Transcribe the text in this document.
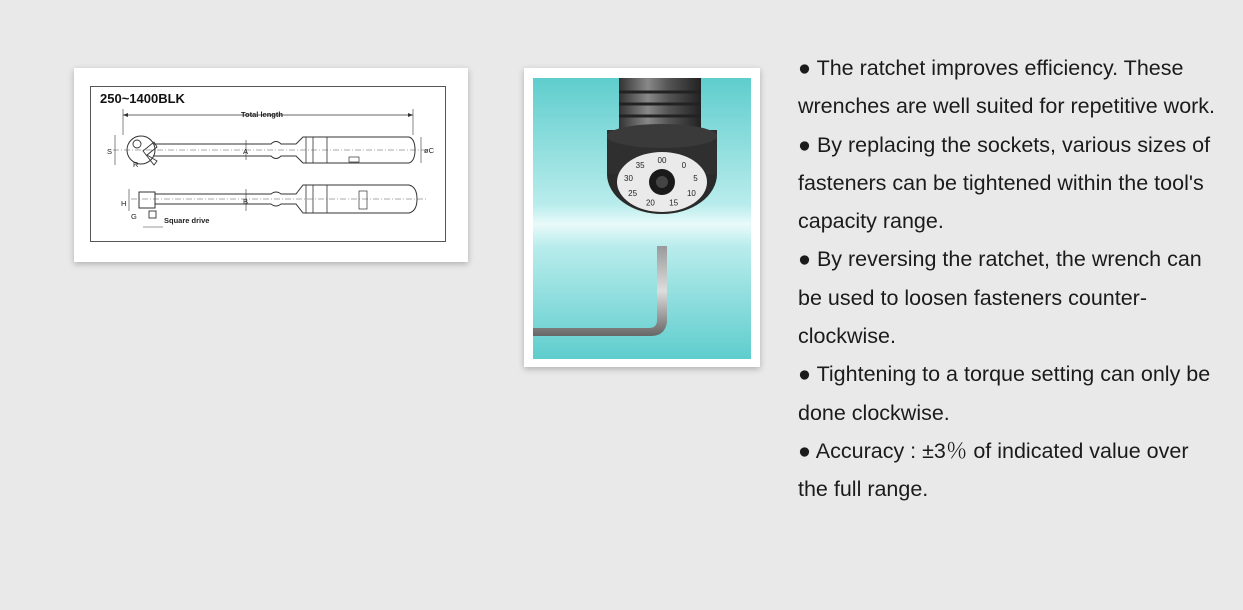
250~1400BLK
Total length
S
R
A	øC
H
G
B
Square drive
00
0
5
10
15
20
25
30
35
● The ratchet improves efficiency. These wrenches are well suited for repetitive work.
● By replacing the sockets, various sizes of fasteners can be tightened within the tool's capacity range.
● By reversing the ratchet, the wrench can be used to loosen fasteners counter-clockwise.
● Tightening to a torque setting can only be done clockwise.
● Accuracy : ±3％ of indicated value over the full range.
